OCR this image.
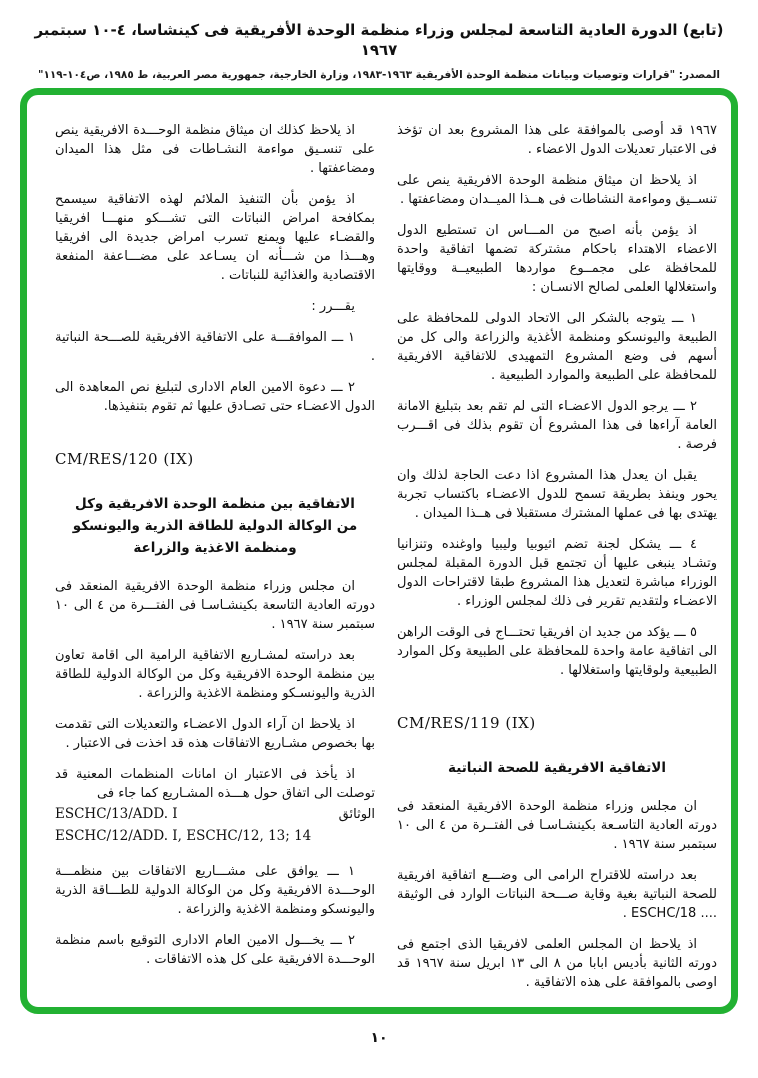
(تابع) الدورة العادية التاسعة لمجلس وزراء منظمة الوحدة الأفريقية فى كينشاسا، ٤-١٠ سبتمبر ١٩٦٧
المصدر: "قرارات وتوصيات وبيانات منظمة الوحدة الأفريقية ١٩٦٣-١٩٨٣، وزارة الخارجية، جمهورية مصر العربية، ط ١٩٨٥، ص١٠٤-١١٩"
١٩٦٧ قد أوصى بالموافقة على هذا المشروع بعد ان تؤخذ فى الاعتبار تعديلات الدول الاعضاء .
اذ يلاحظ ان ميثاق منظمة الوحدة الافريقية ينص على تنســيق ومواءمة النشاطات فى هــذا الميــدان ومضاعفتها .
اذ يؤمن بأنه اصبح من المـــاس ان تستطيع الدول الاعضاء الاهتداء باحكام مشتركة تضمها اتفاقية واحدة للمحافظة على مجمــوع مواردها الطبيعيــة ووقايتها واستغلالها العلمى لصالح الانسـان :
١ ـــ يتوجه بالشكر الى الاتحاد الدولى للمحافظة على الطبيعة واليونسكو ومنظمة الأغذية والزراعة والى كل من أسهم فى وضع المشروع التمهيدى للاتفاقية الافريقية للمحافظة على الطبيعة والموارد الطبيعية .
٢ ـــ يرجو الدول الاعضـاء التى لم تقم بعد بتبليغ الامانة العامة آراءها فى هذا المشروع أن تقوم بذلك فى اقـــرب فرصة .
يقبل ان يعدل هذا المشروع اذا دعت الحاجة لذلك وان يحور وينفذ بطريقة تسمح للدول الاعضـاء باكتساب تجربة يهتدى بها فى عملها المشترك مستقبلا فى هــذا الميدان .
٤ ـــ يشكل لجنة تضم اثيوبيا وليبيا واوغنده وتنزانيا وتشـاد ينبغى عليها أن تجتمع قبل الدورة المقبلة لمجلس الوزراء مباشرة لتعديل هذا المشروع طبقا لاقتراحات الدول الاعضـاء ولتقديم تقرير فى ذلك لمجلس الوزراء .
٥ ـــ يؤكد من جديد ان افريقيا تحتـــاج فى الوقت الراهن الى اتفاقية عامة واحدة للمحافظة على الطبيعة وكل الموارد الطبيعية ولوقايتها واستغلالها .
CM/RES/119 (IX)
الاتفاقية الافريقية للصحة النباتية
ان مجلس وزراء منظمة الوحدة الافريقية المنعقد فى دورته العادية التاسـعة بكينشـاسـا فى الفتــرة من ٤ الى ١٠ سبتمبر سنة ١٩٦٧ .
بعد دراسته للاقتراح الرامى الى وضـــع اتفاقية افريقية للصحة النباتية بغية وقاية صـــحة النباتات الوارد فى الوثيقة .... ESCHC/18 .
اذ يلاحظ ان المجلس العلمى لافريقيا الذى اجتمع فى دورته الثانية بأديس ابابا من ٨ الى ١٣ ابريل سنة ١٩٦٧ قد اوصى بالموافقة على هذه الاتفاقية .
اذ يلاحظ كذلك ان ميثاق منظمة الوحـــدة الافريقية ينص على تنسـيق مواءمة النشـاطات فى مثل هذا الميدان ومضاعفتها .
اذ يؤمن بأن التنفيذ الملائم لهذه الاتفاقية سيسمح بمكافحة امراض النباتات التى تشـــكو منهـــا افريقيا والقضـاء عليها ويمنع تسرب امراض جديدة الى افريقيا وهـــذا من شـــأنه ان يسـاعد على مضـــاعفة المنفعة الاقتصادية والغذائية للنباتات .
يقـــرر :
١ ـــ الموافقـــة على الاتفاقية الافريقية للصـــحة النباتية .
٢ ـــ دعوة الامين العام الادارى لتبليغ نص المعاهدة الى الدول الاعضـاء حتى تصـادق عليها ثم تقوم بتنفيذها.
CM/RES/120 (IX)
الاتفاقية بين منظمة الوحدة الافريقية وكل من الوكالة الدولية للطاقة الذرية واليونسكو ومنظمة الاغذية والزراعة
ان مجلس وزراء منظمة الوحدة الافريقية المنعقد فى دورته العادية التاسعة بكينشـاسـا فى الفتـــرة من ٤ الى ١٠ سبتمبر سنة ١٩٦٧ .
بعد دراسته لمشـاريع الاتفاقية الرامية الى اقامة تعاون بين منظمة الوحدة الافريقية وكل من الوكالة الدولية للطاقة الذرية واليونسـكو ومنظمة الاغذية والزراعة .
اذ يلاحظ ان آراء الدول الاعضـاء والتعديلات التى تقدمت بها بخصوص مشـاريع الاتفاقات هذه قد اخذت فى الاعتبار .
اذ يأخذ فى الاعتبار ان امانات المنظمات المعنية قد توصلت الى اتفاق حول هـــذه المشـاريع كما جاء فى
الوثائق
ESCHC/13/ADD. I
ESCHC/12/ADD. I, ESCHC/12, 13; 14
١ ـــ يوافق على مشـــاريع الاتفاقات بين منظمـــة الوحـــدة الافريقية وكل من الوكالة الدولية للطـــاقة الذرية واليونسكو ومنظمة الاغذية والزراعة .
٢ ـــ يخـــول الامين العام الادارى التوقيع باسم منظمة الوحـــدة الافريقية على كل هذه الاتفاقات .
١٠
